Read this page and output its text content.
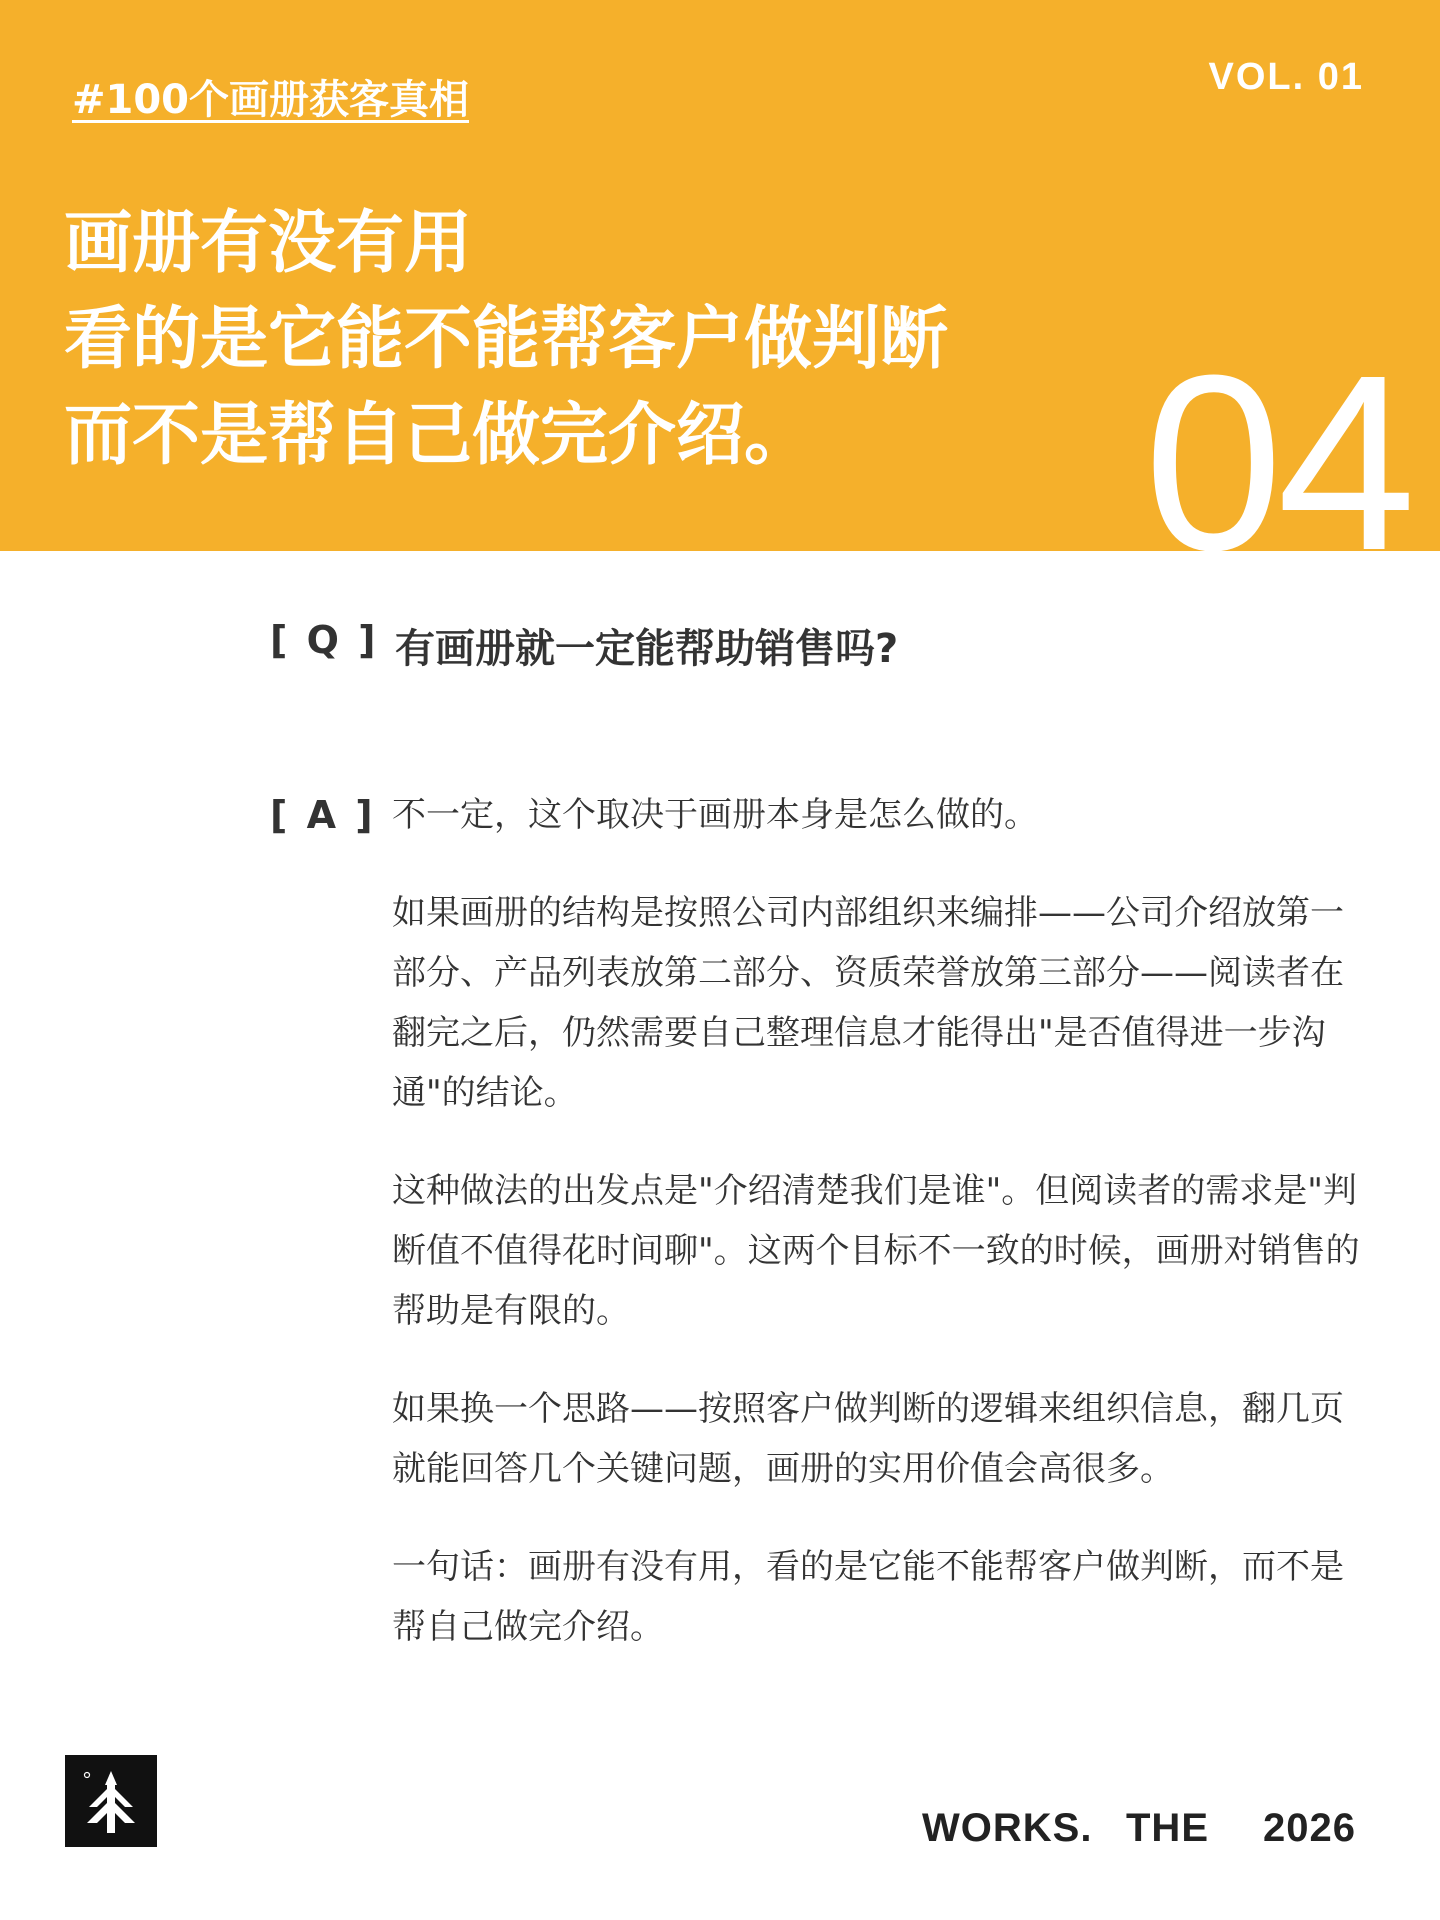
#100个画册获客真相	VOL. 01
画册有没有用
看的是它能不能帮客户做判断
而不是帮自己做完介绍。	04
[ Q ] 有画册就一定能帮助销售吗?
[ A ] 不一定，这个取决于画册本身是怎么做的。

如果画册的结构是按照公司内部组织来编排——公司介绍放第一部分、产品列表放第二部分、资质荣誉放第三部分——阅读者在翻完之后，仍然需要自己整理信息才能得出"是否值得进一步沟通"的结论。

这种做法的出发点是"介绍清楚我们是谁"。但阅读者的需求是"判断值不值得花时间聊"。这两个目标不一致的时候，画册对销售的帮助是有限的。

如果换一个思路——按照客户做判断的逻辑来组织信息，翻几页就能回答几个关键问题，画册的实用价值会高很多。

一句话：画册有没有用，看的是它能不能帮客户做判断，而不是帮自己做完介绍。

WORKS. THE 2026
